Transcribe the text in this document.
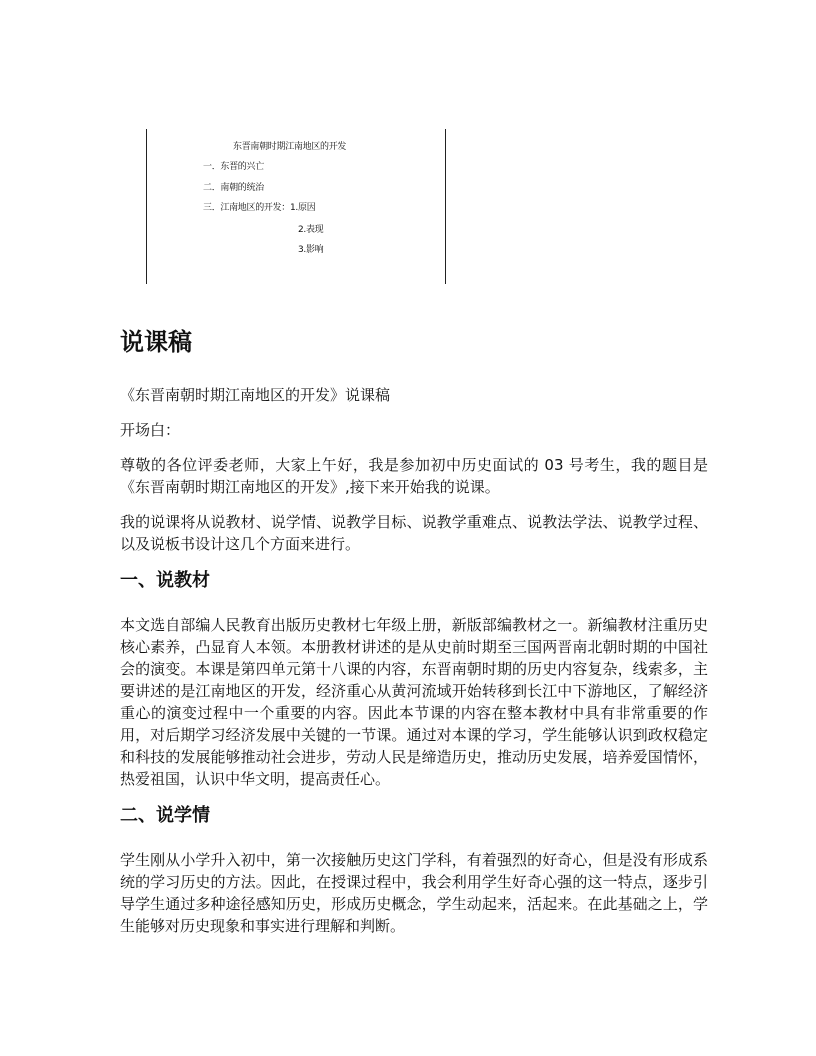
东晋南朝时期江南地区的开发
一．东晋的兴亡
二．南朝的统治
三．江南地区的开发：1.原因
2.表现
3.影响
说课稿

《东晋南朝时期江南地区的开发》说课稿

开场白：

尊敬的各位评委老师，大家上午好，我是参加初中历史面试的 03 号考生，我的题目是《东晋南朝时期江南地区的开发》,接下来开始我的说课。

我的说课将从说教材、说学情、说教学目标、说教学重难点、说教法学法、说教学过程、以及说板书设计这几个方面来进行。

一、说教材

本文选自部编人民教育出版历史教材七年级上册，新版部编教材之一。新编教材注重历史核心素养，凸显育人本领。本册教材讲述的是从史前时期至三国两晋南北朝时期的中国社会的演变。本课是第四单元第十八课的内容，东晋南朝时期的历史内容复杂，线索多，主要讲述的是江南地区的开发，经济重心从黄河流域开始转移到长江中下游地区，了解经济重心的演变过程中一个重要的内容。因此本节课的内容在整本教材中具有非常重要的作用，对后期学习经济发展中关键的一节课。通过对本课的学习，学生能够认识到政权稳定和科技的发展能够推动社会进步，劳动人民是缔造历史，推动历史发展，培养爱国情怀，热爱祖国，认识中华文明，提高责任心。

二、说学情

学生刚从小学升入初中，第一次接触历史这门学科，有着强烈的好奇心，但是没有形成系统的学习历史的方法。因此，在授课过程中，我会利用学生好奇心强的这一特点，逐步引导学生通过多种途径感知历史，形成历史概念，学生动起来，活起来。在此基础之上，学生能够对历史现象和事实进行理解和判断。
